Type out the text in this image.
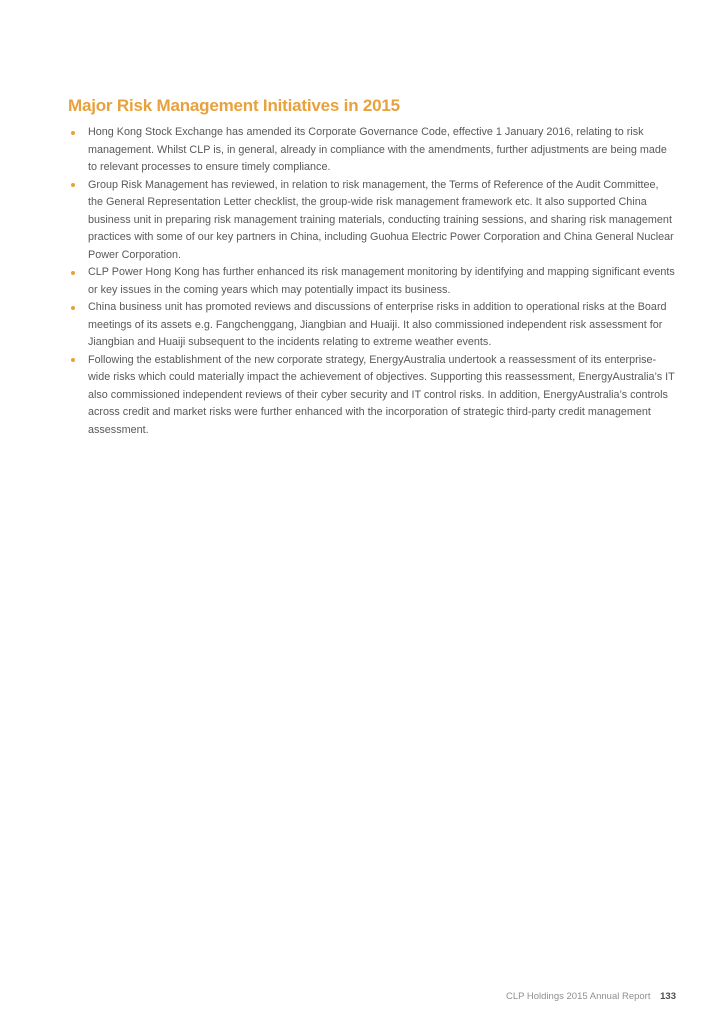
Major Risk Management Initiatives in 2015
Hong Kong Stock Exchange has amended its Corporate Governance Code, effective 1 January 2016, relating to risk management. Whilst CLP is, in general, already in compliance with the amendments, further adjustments are being made to relevant processes to ensure timely compliance.
Group Risk Management has reviewed, in relation to risk management, the Terms of Reference of the Audit Committee, the General Representation Letter checklist, the group-wide risk management framework etc. It also supported China business unit in preparing risk management training materials, conducting training sessions, and sharing risk management practices with some of our key partners in China, including Guohua Electric Power Corporation and China General Nuclear Power Corporation.
CLP Power Hong Kong has further enhanced its risk management monitoring by identifying and mapping significant events or key issues in the coming years which may potentially impact its business.
China business unit has promoted reviews and discussions of enterprise risks in addition to operational risks at the Board meetings of its assets e.g. Fangchenggang, Jiangbian and Huaiji. It also commissioned independent risk assessment for Jiangbian and Huaiji subsequent to the incidents relating to extreme weather events.
Following the establishment of the new corporate strategy, EnergyAustralia undertook a reassessment of its enterprise-wide risks which could materially impact the achievement of objectives. Supporting this reassessment, EnergyAustralia’s IT also commissioned independent reviews of their cyber security and IT control risks. In addition, EnergyAustralia’s controls across credit and market risks were further enhanced with the incorporation of strategic third-party credit management assessment.
CLP Holdings 2015 Annual Report 133
